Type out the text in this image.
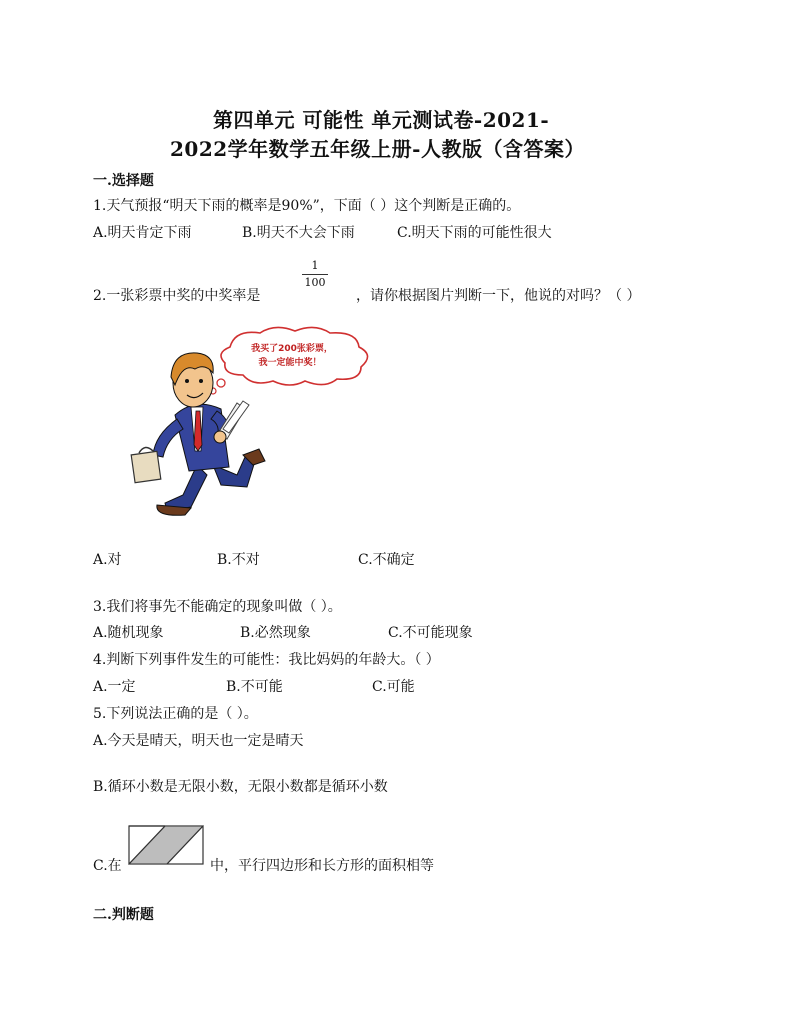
第四单元 可能性 单元测试卷-2021-
2022学年数学五年级上册-人教版（含答案）
一.选择题
1.天气预报“明天下雨的概率是90%”，下面（ ）这个判断是正确的。
A.明天肯定下雨	B.明天不大会下雨	C.明天下雨的可能性很大
2.一张彩票中奖的中奖率是
1
100
，请你根据图片判断一下，他说的对吗？（ ）
我买了200张彩票，
我一定能中奖！
A.对	B.不对	C.不确定
3.我们将事先不能确定的现象叫做（ ）。
A.随机现象	B.必然现象	C.不可能现象
4.判断下列事件发生的可能性：我比妈妈的年龄大。（ ）
A.一定	B.不可能	C.可能
5.下列说法正确的是（ ）。
A.今天是晴天，明天也一定是晴天
B.循环小数是无限小数，无限小数都是循环小数
C.在	中，平行四边形和长方形的面积相等
二.判断题
